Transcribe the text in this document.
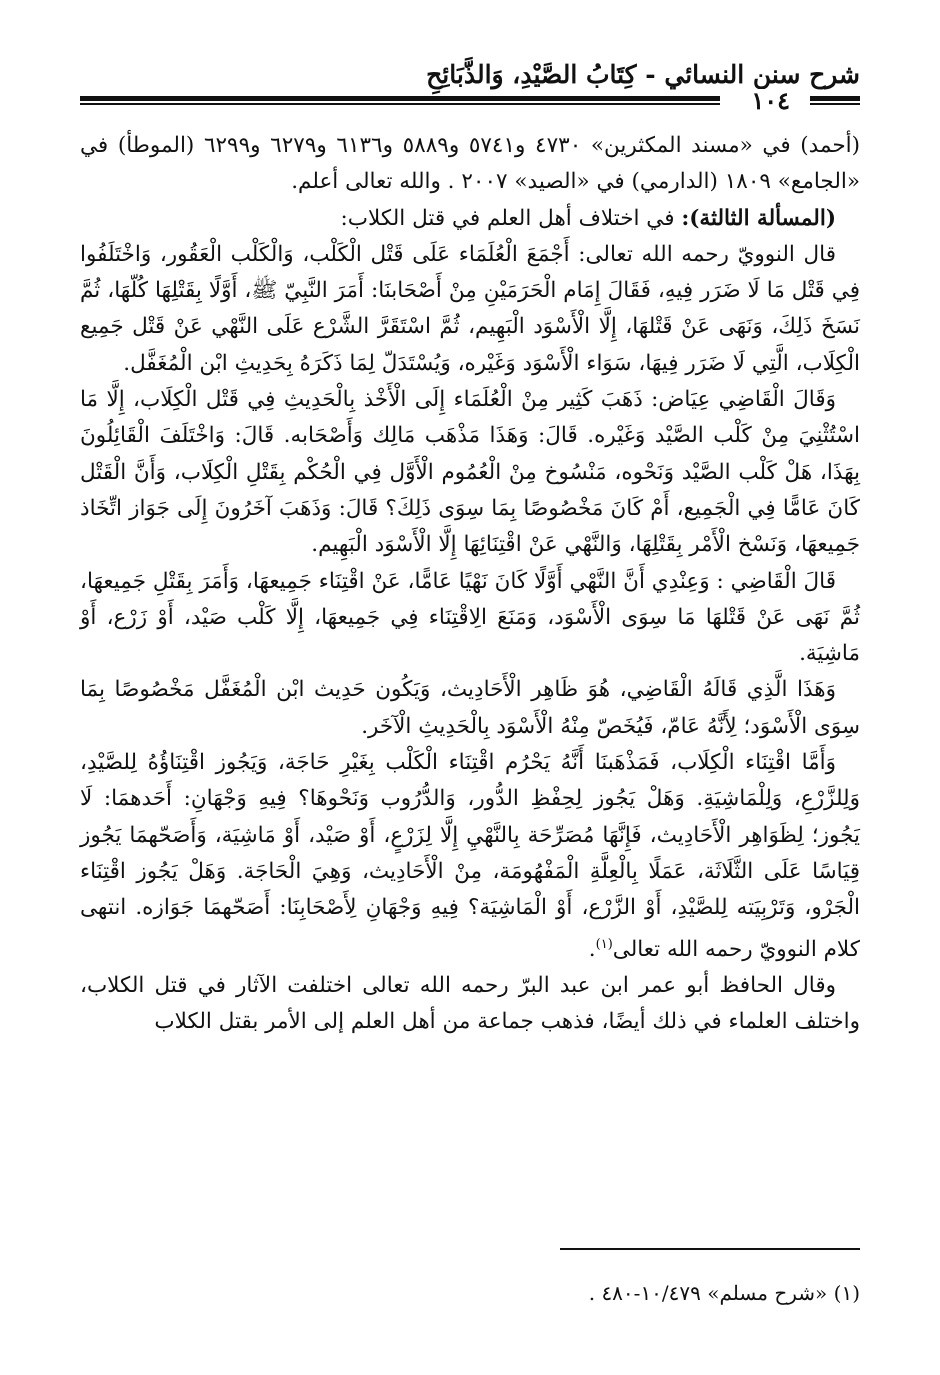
شرح سنن النسائي - كِتَابُ الصَّيْدِ، وَالذَّبَائِحِ
١٠٤

(أحمد) في «مسند المكثرين» ٤٧٣٠ و٥٧٤١ و٥٨٨٩ و٦١٣٦ و٦٢٧٩ و٦٢٩٩ (الموطأ) في «الجامع» ١٨٠٩ (الدارمي) في «الصيد» ٢٠٠٧ . والله تعالى أعلم.

(المسألة الثالثة): في اختلاف أهل العلم في قتل الكلاب:

قال النوويّ رحمه الله تعالى: أَجْمَعَ الْعُلَمَاء عَلَى قَتْل الْكَلْب، وَالْكَلْب الْعَقُور، وَاخْتَلَفُوا فِي قَتْل مَا لَا ضَرَر فِيهِ، فَقَالَ إِمَام الْحَرَمَيْنِ مِنْ أَصْحَابنَا: أَمَرَ النَّبِيّ ﷺ، أَوَّلًا بِقَتْلِهَا كُلّهَا، ثُمَّ نَسَخَ ذَلِكَ، وَنَهَى عَنْ قَتْلهَا، إِلَّا الْأَسْوَد الْبَهِيم، ثُمَّ اسْتَقَرَّ الشَّرْع عَلَى النَّهْي عَنْ قَتْل جَمِيع الْكِلَاب، الَّتِي لَا ضَرَر فِيهَا، سَوَاء الْأَسْوَد وَغَيْره، وَيُسْتَدَلّ لِمَا ذَكَرَهُ بِحَدِيثِ ابْن الْمُغَفَّل.

وَقَالَ الْقَاضِي عِيَاض: ذَهَبَ كَثِير مِنْ الْعُلَمَاء إِلَى الْأَخْذ بِالْحَدِيثِ فِي قَتْل الْكِلَاب، إِلَّا مَا اسْتُثْنِيَ مِنْ كَلْب الصَّيْد وَغَيْره. قَالَ: وَهَذَا مَذْهَب مَالِك وَأَصْحَابه. قَالَ: وَاخْتَلَفَ الْقَائِلُونَ بِهَذَا، هَلْ كَلْب الصَّيْد وَنَحْوه، مَنْسُوخ مِنْ الْعُمُوم الْأَوَّل فِي الْحُكْم بِقَتْلِ الْكِلَاب، وَأَنَّ الْقَتْل كَانَ عَامًّا فِي الْجَمِيع، أَمْ كَانَ مَخْصُوصًا بِمَا سِوَى ذَلِكَ؟ قَالَ: وَذَهَبَ آخَرُونَ إِلَى جَوَاز اتِّخَاذ جَمِيعهَا، وَنَسْخ الْأَمْر بِقَتْلِهَا، وَالنَّهْي عَنْ اقْتِنَائِهَا إِلَّا الْأَسْوَد الْبَهِيم.

قَالَ الْقَاضِي : وَعِنْدِي أَنَّ النَّهْي أَوَّلًا كَانَ نَهْيًا عَامًّا، عَنْ اقْتِنَاء جَمِيعهَا، وَأَمَرَ بِقَتْلِ جَمِيعهَا، ثُمَّ نَهَى عَنْ قَتْلهَا مَا سِوَى الْأَسْوَد، وَمَنَعَ الِاقْتِنَاء فِي جَمِيعهَا، إِلَّا كَلْب صَيْد، أَوْ زَرْع، أَوْ مَاشِيَة.

وَهَذَا الَّذِي قَالَهُ الْقَاضِي، هُوَ ظَاهِر الْأَحَادِيث، وَيَكُون حَدِيث ابْن الْمُغَفَّل مَخْصُوصًا بِمَا سِوَى الْأَسْوَد؛ لِأَنَّهُ عَامّ، فَيُخَصّ مِنْهُ الْأَسْوَد بِالْحَدِيثِ الْآخَر.

وَأَمَّا اقْتِنَاء الْكِلَاب، فَمَذْهَبنَا أَنَّهُ يَحْرُم اقْتِنَاء الْكَلْب بِغَيْرِ حَاجَة، وَيَجُوز اقْتِنَاؤُهُ لِلصَّيْدِ، وَلِلزَّرْعِ، وَلِلْمَاشِيَةِ. وَهَلْ يَجُوز لِحِفْظِ الدُّور، وَالدُّرُوب وَنَحْوهَا؟ فِيهِ وَجْهَانِ: أَحَدهمَا: لَا يَجُوز؛ لِظَوَاهِر الْأَحَادِيث، فَإِنَّهَا مُصَرِّحَة بِالنَّهْيِ إِلَّا لِزَرْعٍ، أَوْ صَيْد، أَوْ مَاشِيَة، وَأَصَحّهمَا يَجُوز قِيَاسًا عَلَى الثَّلَاثَة، عَمَلًا بِالْعِلَّةِ الْمَفْهُومَة، مِنْ الْأَحَادِيث، وَهِيَ الْحَاجَة. وَهَلْ يَجُوز اقْتِنَاء الْجَرْو، وَتَرْبِيَته لِلصَّيْدِ، أَوْ الزَّرْع، أَوْ الْمَاشِيَة؟ فِيهِ وَجْهَانِ لِأَصْحَابِنَا: أَصَحّهمَا جَوَازه. انتهى كلام النوويّ رحمه الله تعالى$^{(١)}$.

وقال الحافظ أبو عمر ابن عبد البرّ رحمه الله تعالى اختلفت الآثار في قتل الكلاب، واختلف العلماء في ذلك أيضًا، فذهب جماعة من أهل العلم إلى الأمر بقتل الكلاب

(١) «شرح مسلم» ١٠/٤٧٩-٤٨٠ .
